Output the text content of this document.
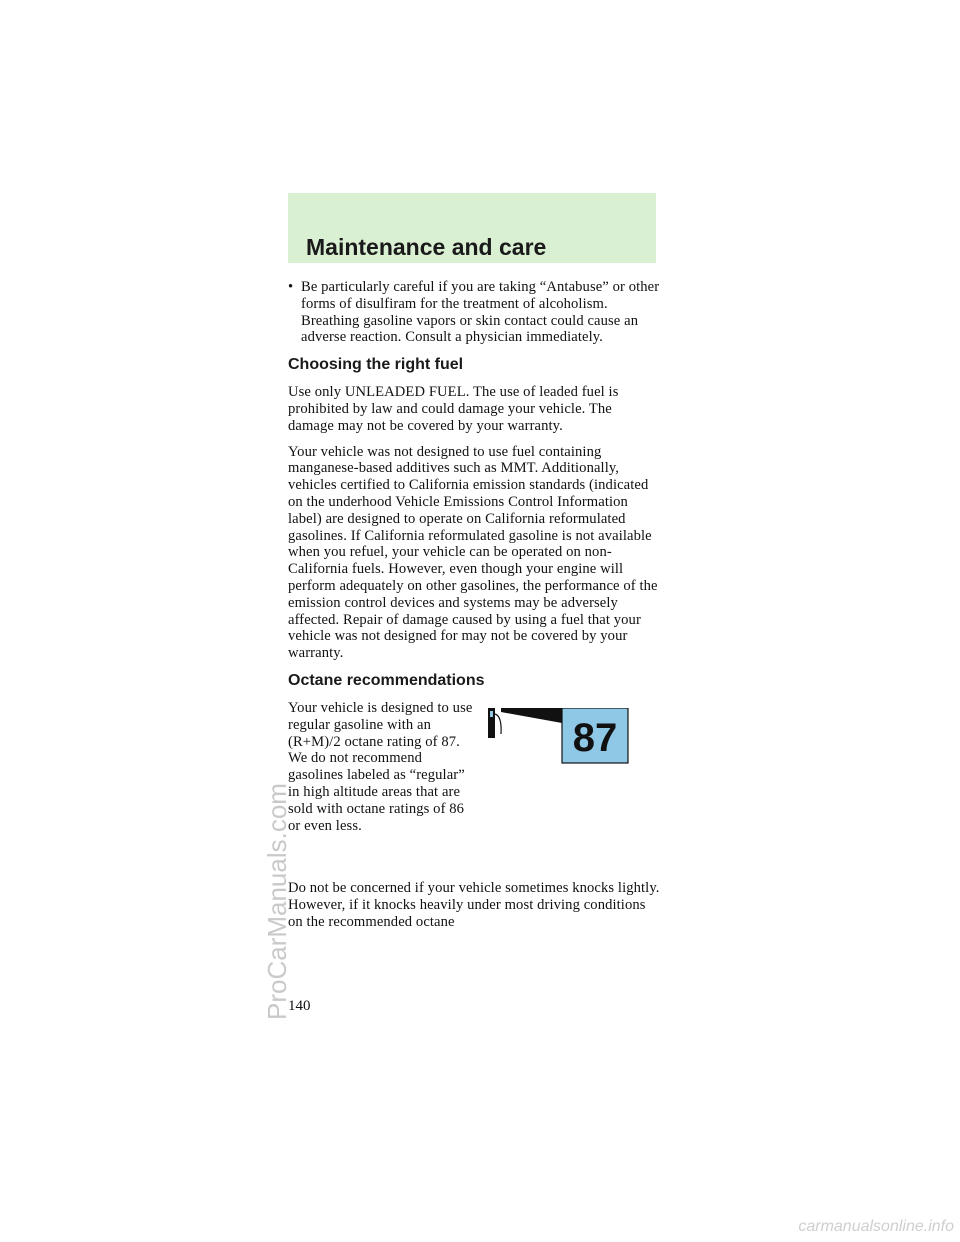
Maintenance and care
• Be particularly careful if you are taking “Antabuse” or other forms of disulfiram for the treatment of alcoholism. Breathing gasoline vapors or skin contact could cause an adverse reaction. Consult a physician immediately.

Choosing the right fuel

Use only UNLEADED FUEL. The use of leaded fuel is prohibited by law and could damage your vehicle. The damage may not be covered by your warranty.

Your vehicle was not designed to use fuel containing manganese-based additives such as MMT. Additionally, vehicles certified to California emission standards (indicated on the underhood Vehicle Emissions Control Information label) are designed to operate on California reformulated gasolines. If California reformulated gasoline is not available when you refuel, your vehicle can be operated on non-California fuels. However, even though your engine will perform adequately on other gasolines, the performance of the emission control devices and systems may be adversely affected. Repair of damage caused by using a fuel that your vehicle was not designed for may not be covered by your warranty.

Octane recommendations

Your vehicle is designed to use regular gasoline with an (R+M)/2 octane rating of 87. We do not recommend gasolines labeled as “regular” in high altitude areas that are sold with octane ratings of 86 or even less.

87

Do not be concerned if your vehicle sometimes knocks lightly. However, if it knocks heavily under most driving conditions on the recommended octane

140
ProCarManuals.com
carmanualsonline.info
